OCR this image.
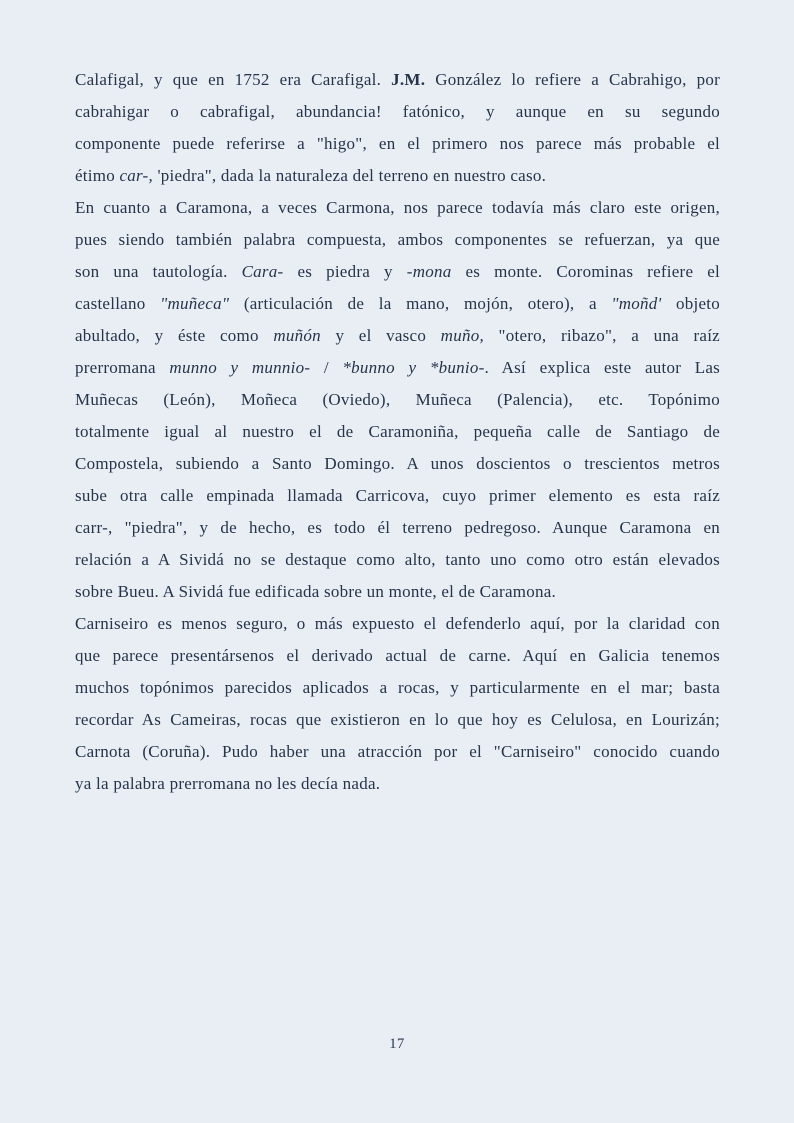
Calafigal, y que en 1752 era Carafigal. J.M. González lo refiere a Cabrahigo, por
cabrahigar o cabrafigal, abundancia! fatónico, y aunque en su segundo
componente puede referirse a "higo", en el primero nos parece más probable el
étimo car-, 'piedra", dada la naturaleza del terreno en nuestro caso.
En cuanto a Caramona, a veces Carmona, nos parece todavía más claro este origen,
pues siendo también palabra compuesta, ambos componentes se refuerzan, ya que
son una tautología. Cara- es piedra y -mona es monte. Corominas refiere el
castellano "muñeca" (articulación de la mano, mojón, otero), a "moñd' objeto
abultado, y éste como muñón y el vasco muño, "otero, ribazo", a una raíz
prerromana munno y munnio- / *bunno y *bunio-. Así explica este autor Las
Muñecas (León), Moñeca (Oviedo), Muñeca (Palencia), etc. Topónimo
totalmente igual al nuestro el de Caramoniña, pequeña calle de Santiago de
Compostela, subiendo a Santo Domingo. A unos doscientos o trescientos metros
sube otra calle empinada llamada Carricova, cuyo primer elemento es esta raíz
carr-, "piedra", y de hecho, es todo él terreno pedregoso. Aunque Caramona en
relación a A Sividá no se destaque como alto, tanto uno como otro están elevados
sobre Bueu. A Sividá fue edificada sobre un monte, el de Caramona.
Carniseiro es menos seguro, o más expuesto el defenderlo aquí, por la claridad con
que parece presentársenos el derivado actual de carne. Aquí en Galicia tenemos
muchos topónimos parecidos aplicados a rocas, y particularmente en el mar; basta
recordar As Cameiras, rocas que existieron en lo que hoy es Celulosa, en Lourizán;
Carnota (Coruña). Pudo haber una atracción por el "Carniseiro" conocido cuando
ya la palabra prerromana no les decía nada.
17
